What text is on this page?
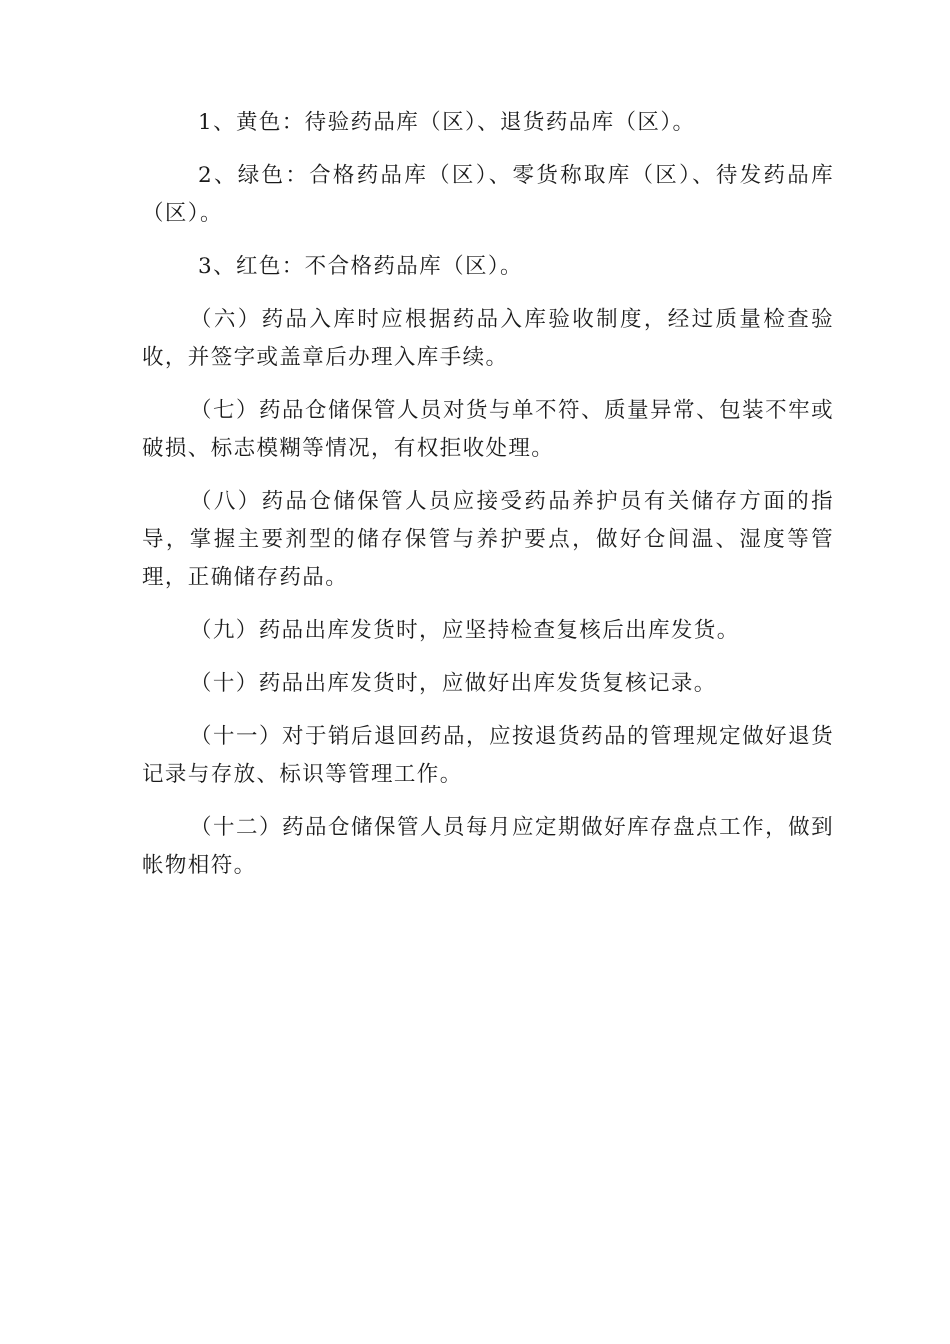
1、黄色：待验药品库（区）、退货药品库（区）。

2、绿色：合格药品库（区）、零货称取库（区）、待发药品库（区）。

3、红色：不合格药品库（区）。

（六）药品入库时应根据药品入库验收制度，经过质量检查验收，并签字或盖章后办理入库手续。

（七）药品仓储保管人员对货与单不符、质量异常、包装不牢或破损、标志模糊等情况，有权拒收处理。

（八）药品仓储保管人员应接受药品养护员有关储存方面的指导，掌握主要剂型的储存保管与养护要点，做好仓间温、湿度等管理，正确储存药品。

（九）药品出库发货时，应坚持检查复核后出库发货。

（十）药品出库发货时，应做好出库发货复核记录。

（十一）对于销后退回药品，应按退货药品的管理规定做好退货记录与存放、标识等管理工作。

（十二）药品仓储保管人员每月应定期做好库存盘点工作，做到帐物相符。
